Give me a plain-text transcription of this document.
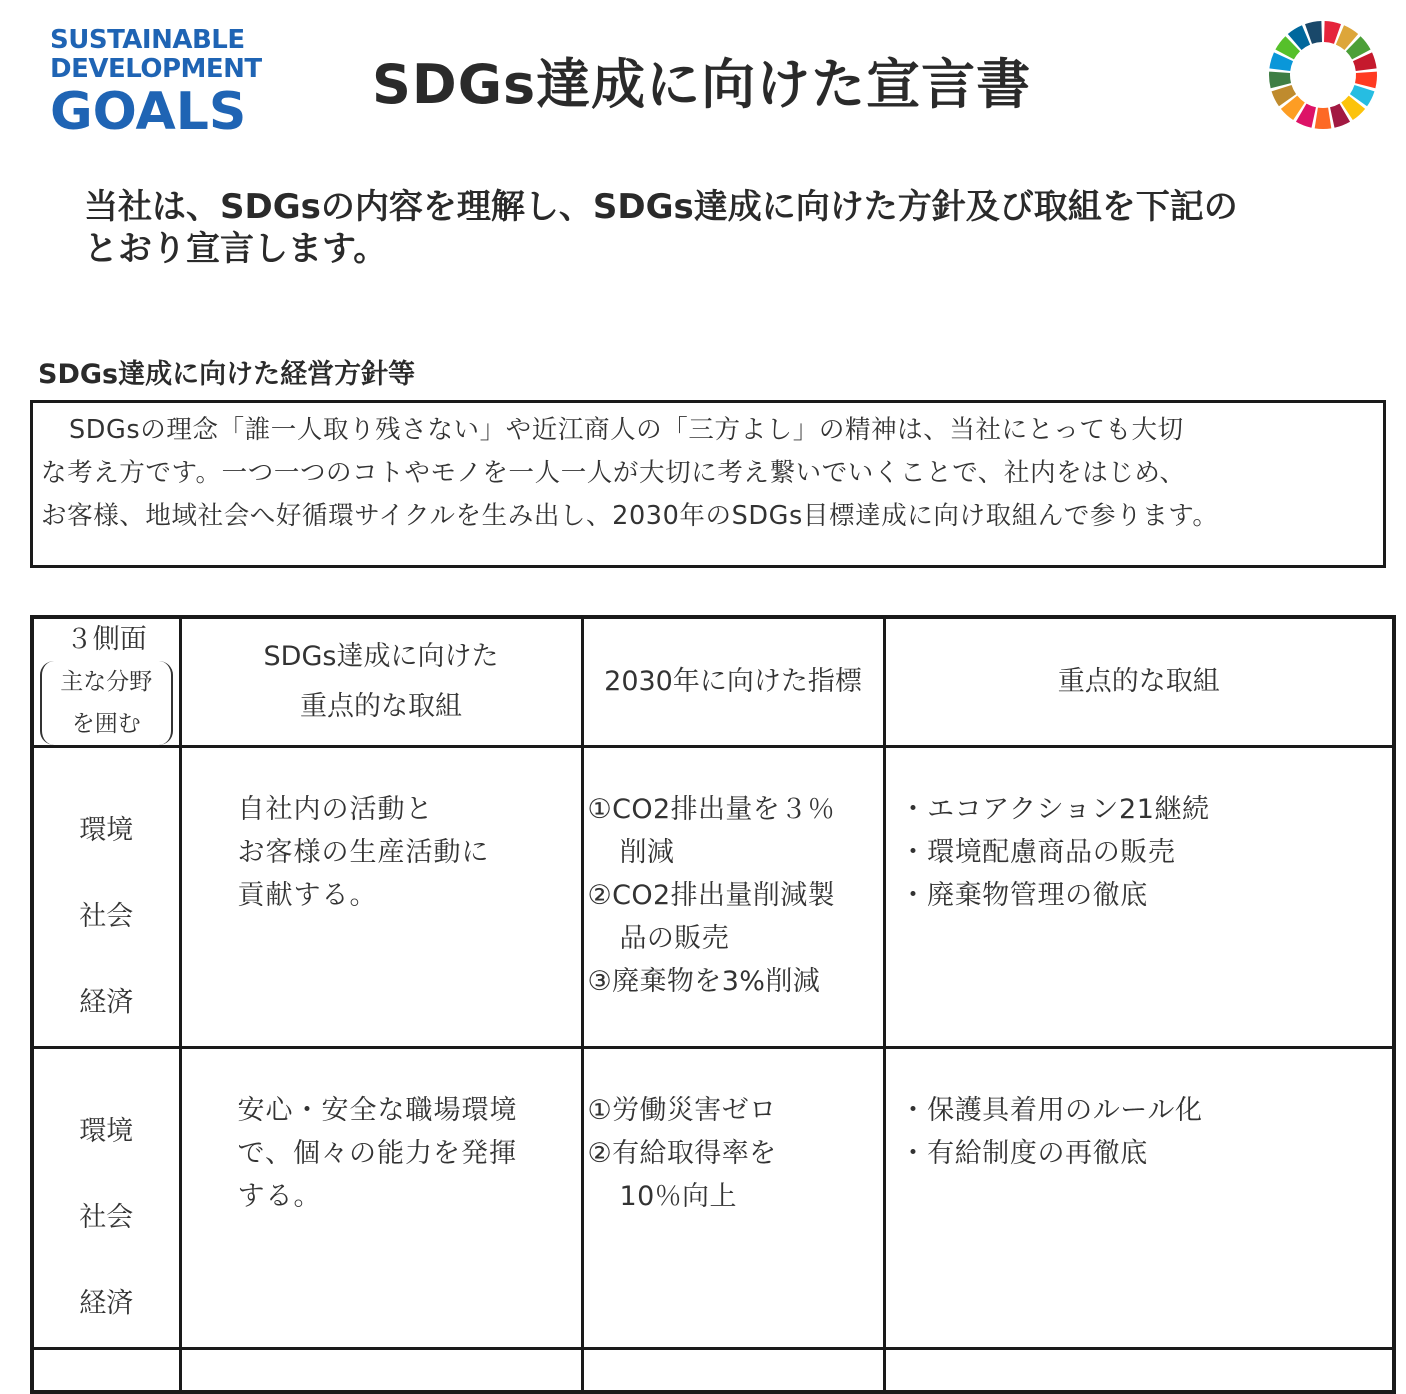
SUSTAINABLE
DEVELOPMENT
GOALS	SDGs達成に向けた宣言書

当社は、SDGsの内容を理解し、SDGs達成に向けた方針及び取組を下記の
とおり宣言します。

SDGs達成に向けた経営方針等
SDGsの理念「誰一人取り残さない」や近江商人の「三方よし」の精神は、当社にとっても大切
な考え方です。一つ一つのコトやモノを一人一人が大切に考え繋いでいくことで、社内をはじめ、
お客様、地域社会へ好循環サイクルを生み出し、2030年のSDGs目標達成に向け取組んで参ります。
３側面
主な分野
を囲む	SDGs達成に向けた
重点的な取組	2030年に向けた指標	重点的な取組

環境
社会
経済	自社内の活動と
お客様の生産活動に
貢献する。	①CO2排出量を３％
削減
②CO2排出量削減製
品の販売
③廃棄物を3%削減	・エコアクション21継続
・環境配慮商品の販売
・廃棄物管理の徹底

環境
社会
経済	安心・安全な職場環境
で、個々の能力を発揮
する。	①労働災害ゼロ
②有給取得率を
10％向上	・保護具着用のルール化
・有給制度の再徹底
